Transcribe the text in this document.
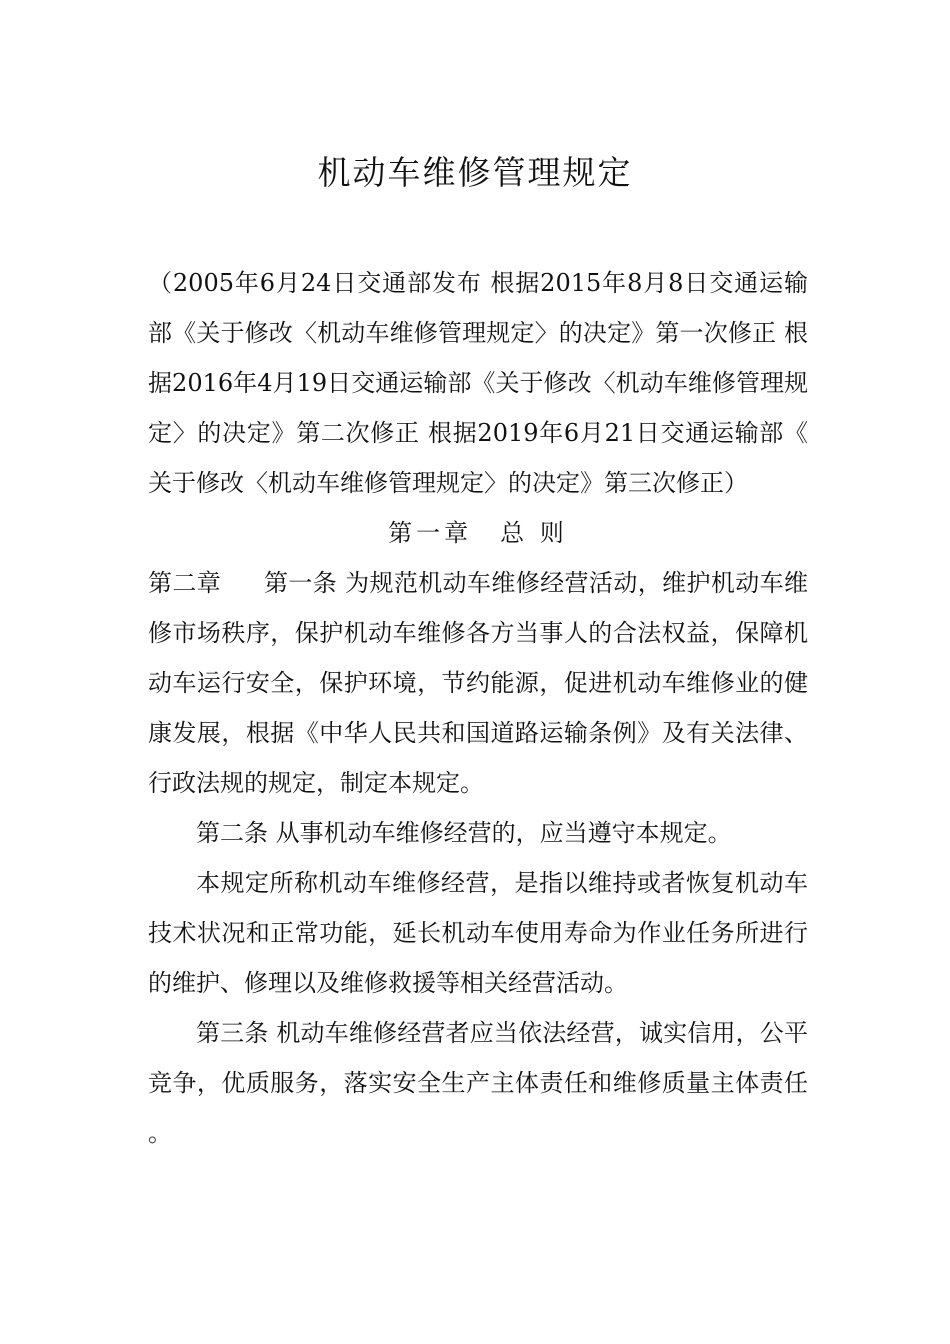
机动车维修管理规定

（2005年6月24日交通部发布 根据2015年8月8日交通运输部《关于修改〈机动车维修管理规定〉的决定》第一次修正 根据2016年4月19日交通运输部《关于修改〈机动车维修管理规定〉的决定》第二次修正 根据2019年6月21日交通运输部《关于修改〈机动车维修管理规定〉的决定》第三次修正）

第一章　总 则

第二章　 第一条 为规范机动车维修经营活动，维护机动车维修市场秩序，保护机动车维修各方当事人的合法权益，保障机动车运行安全，保护环境，节约能源，促进机动车维修业的健康发展，根据《中华人民共和国道路运输条例》及有关法律、行政法规的规定，制定本规定。

第二条 从事机动车维修经营的，应当遵守本规定。

本规定所称机动车维修经营，是指以维持或者恢复机动车技术状况和正常功能，延长机动车使用寿命为作业任务所进行的维护、修理以及维修救援等相关经营活动。

第三条 机动车维修经营者应当依法经营，诚实信用，公平竞争，优质服务，落实安全生产主体责任和维修质量主体责任。
